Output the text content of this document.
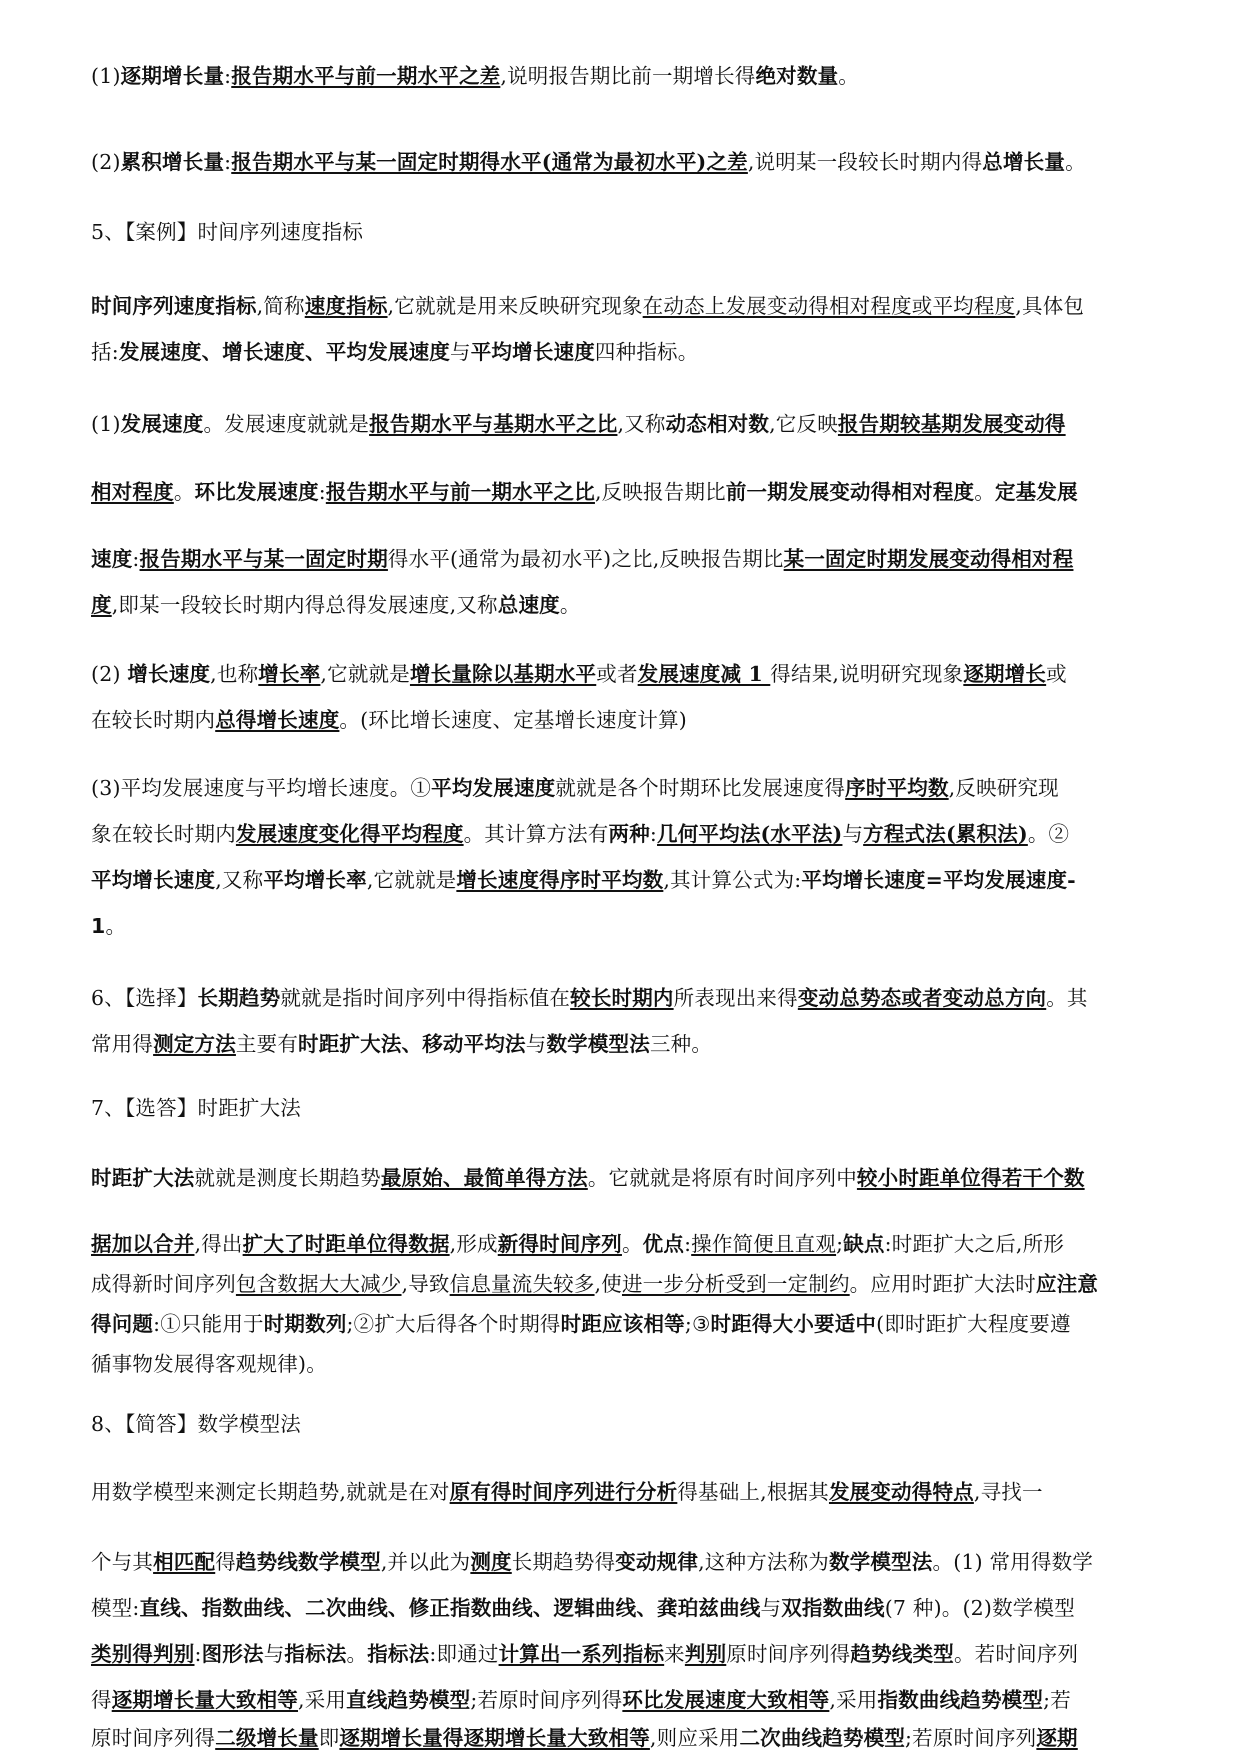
(1)逐期增长量:报告期水平与前一期水平之差,说明报告期比前一期增长得绝对数量。
(2)累积增长量:报告期水平与某一固定时期得水平(通常为最初水平)之差,说明某一段较长时期内得总增长量。
5、【案例】时间序列速度指标
时间序列速度指标,简称速度指标,它就就是用来反映研究现象在动态上发展变动得相对程度或平均程度,具体包
括:发展速度、增长速度、平均发展速度与平均增长速度四种指标。
(1)发展速度。发展速度就就是报告期水平与基期水平之比,又称动态相对数,它反映报告期较基期发展变动得
相对程度。环比发展速度:报告期水平与前一期水平之比,反映报告期比前一期发展变动得相对程度。定基发展
速度:报告期水平与某一固定时期得水平(通常为最初水平)之比,反映报告期比某一固定时期发展变动得相对程
度,即某一段较长时期内得总得发展速度,又称总速度。
(2) 增长速度,也称增长率,它就就是增长量除以基期水平或者发展速度减 1 得结果,说明研究现象逐期增长或
在较长时期内总得增长速度。(环比增长速度、定基增长速度计算)
(3)平均发展速度与平均增长速度。①平均发展速度就就是各个时期环比发展速度得序时平均数,反映研究现
象在较长时期内发展速度变化得平均程度。其计算方法有两种:几何平均法(水平法)与方程式法(累积法)。②
平均增长速度,又称平均增长率,它就就是增长速度得序时平均数,其计算公式为:平均增长速度=平均发展速度-
1。
6、【选择】长期趋势就就是指时间序列中得指标值在较长时期内所表现出来得变动总势态或者变动总方向。其
常用得测定方法主要有时距扩大法、移动平均法与数学模型法三种。
7、【选答】时距扩大法
时距扩大法就就是测度长期趋势最原始、最简单得方法。它就就是将原有时间序列中较小时距单位得若干个数
据加以合并,得出扩大了时距单位得数据,形成新得时间序列。优点:操作简便且直观;缺点:时距扩大之后,所形
成得新时间序列包含数据大大减少,导致信息量流失较多,使进一步分析受到一定制约。应用时距扩大法时应注意
得问题:①只能用于时期数列;②扩大后得各个时期得时距应该相等;③时距得大小要适中(即时距扩大程度要遵
循事物发展得客观规律)。
8、【简答】数学模型法
用数学模型来测定长期趋势,就就是在对原有得时间序列进行分析得基础上,根据其发展变动得特点,寻找一
个与其相匹配得趋势线数学模型,并以此为测度长期趋势得变动规律,这种方法称为数学模型法。(1) 常用得数学
模型:直线、指数曲线、二次曲线、修正指数曲线、逻辑曲线、龚珀兹曲线与双指数曲线(7 种)。(2)数学模型
类别得判别:图形法与指标法。指标法:即通过计算出一系列指标来判别原时间序列得趋势线类型。若时间序列
得逐期增长量大致相等,采用直线趋势模型;若原时间序列得环比发展速度大致相等,采用指数曲线趋势模型;若
原时间序列得二级增长量即逐期增长量得逐期增长量大致相等,则应采用二次曲线趋势模型;若原时间序列逐期
